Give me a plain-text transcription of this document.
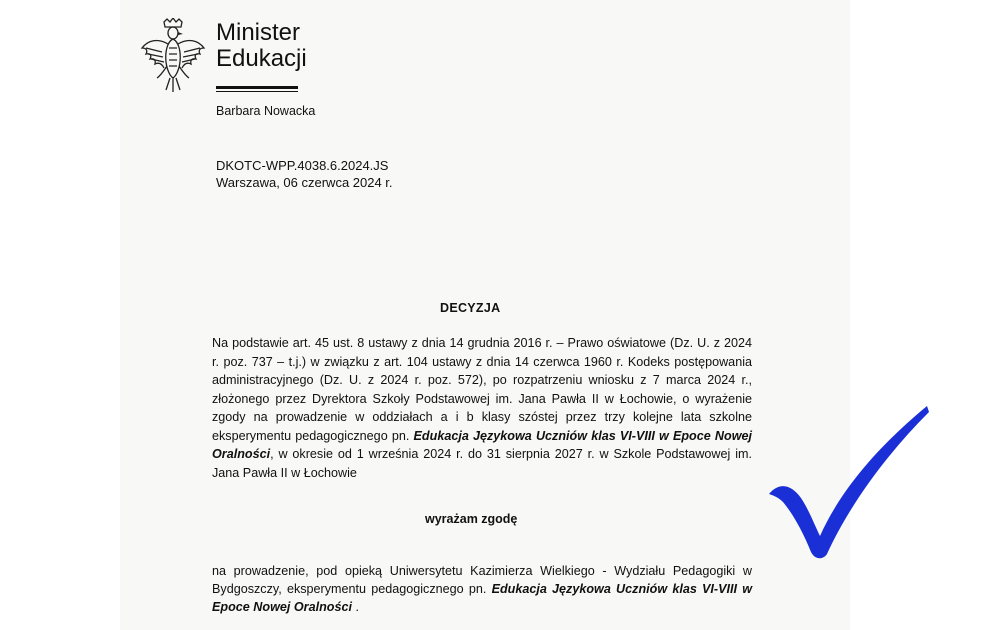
Minister
Edukacji
Barbara Nowacka
DKOTC-WPP.4038.6.2024.JS
Warszawa, 06 czerwca 2024 r.
DECYZJA
Na podstawie art. 45 ust. 8 ustawy z dnia 14 grudnia 2016 r. – Prawo oświatowe (Dz. U. z 2024 r. poz. 737 – t.j.) w związku z art. 104 ustawy z dnia 14 czerwca 1960 r. Kodeks postępowania administracyjnego (Dz. U. z 2024 r. poz. 572), po rozpatrzeniu wniosku z 7 marca 2024 r., złożonego przez Dyrektora Szkoły Podstawowej im. Jana Pawła II w Łochowie, o wyrażenie zgody na prowadzenie w oddziałach a i b klasy szóstej przez trzy kolejne lata szkolne eksperymentu pedagogicznego pn. Edukacja Językowa Uczniów klas VI-VIII w Epoce Nowej Oralności, w okresie od 1 września 2024 r. do 31 sierpnia 2027 r. w Szkole Podstawowej im. Jana Pawła II w Łochowie
wyrażam zgodę
na prowadzenie, pod opieką Uniwersytetu Kazimierza Wielkiego - Wydziału Pedagogiki w Bydgoszczy, eksperymentu pedagogicznego pn. Edukacja Językowa Uczniów klas VI-VIII w Epoce Nowej Oralności .
